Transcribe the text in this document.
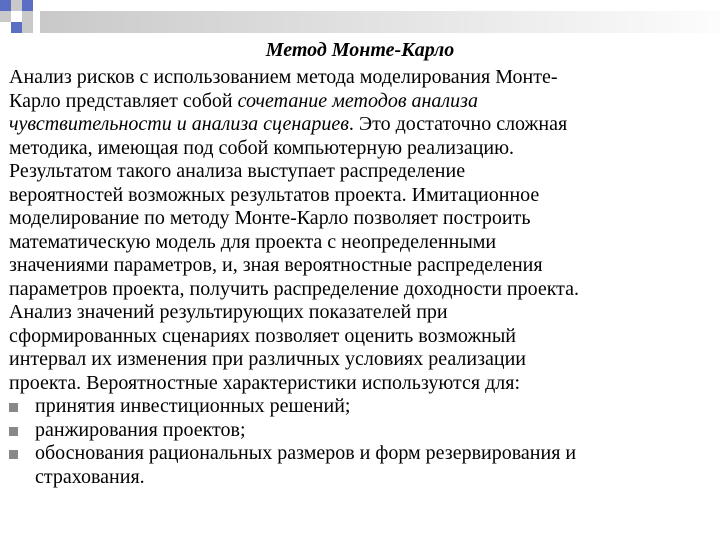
Метод Монте-Карло

Анализ рисков с использованием метода моделирования Монте-
Карло представляет собой сочетание методов анализа
чувствительности и анализа сценариев. Это достаточно сложная
методика, имеющая под собой компьютерную реализацию.
Результатом такого анализа выступает распределение
вероятностей возможных результатов проекта. Имитационное
моделирование по методу Монте-Карло позволяет построить
математическую модель для проекта с неопределенными
значениями параметров, и, зная вероятностные распределения
параметров проекта, получить распределение доходности проекта.

Анализ значений результирующих показателей при
сформированных сценариях позволяет оценить возможный
интервал их изменения при различных условиях реализации
проекта. Вероятностные характеристики используются для:

принятия инвестиционных решений;
ранжирования проектов;
обоснования рациональных размеров и форм резервирования и
страхования.
